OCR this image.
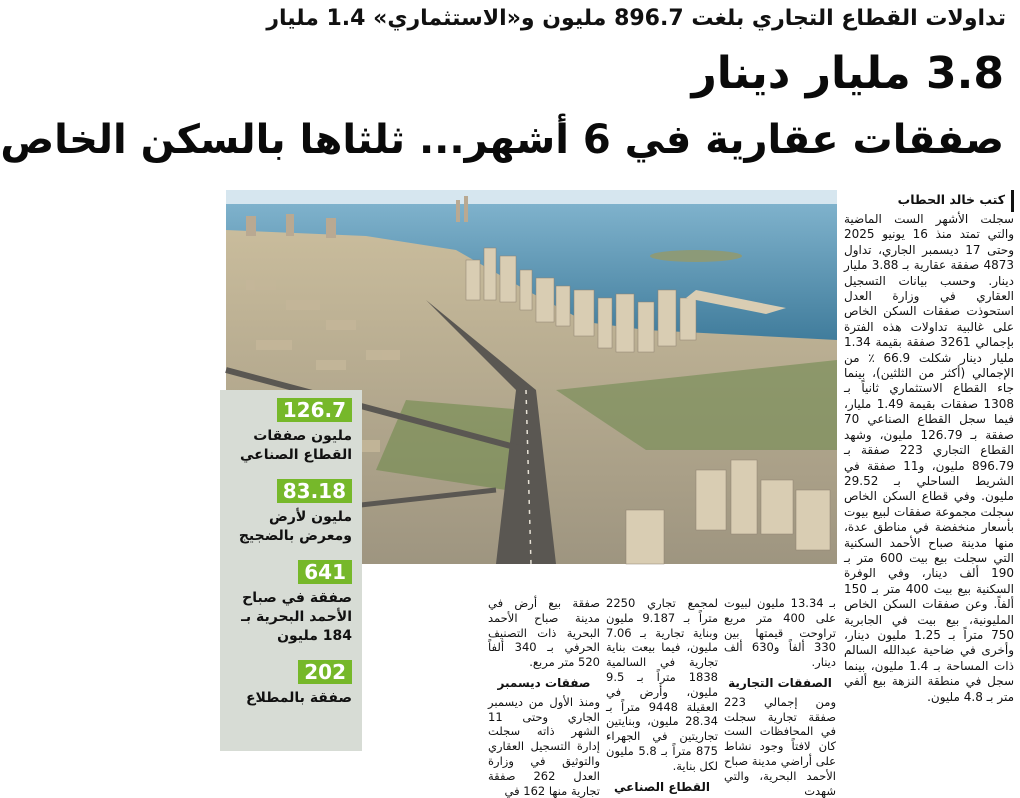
تداولات القطاع التجاري بلغت 896.7 مليون و«الاستثماري» 1.4 مليار
3.8 مليار دينار
صفقات عقارية في 6 أشهر... ثلثاها بالسكن الخاص
كتب خالد الحطاب
سجلت الأشهر الست الماضية والتي تمتد منذ 16 يونيو 2025 وحتى 17 ديسمبر الجاري، تداول 4873 صفقة عقارية بـ 3.88 مليار دينار. وحسب بيانات التسجيل العقاري في وزارة العدل استحوذت صفقات السكن الخاص على غالبية تداولات هذه الفترة بإجمالي 3261 صفقة بقيمة 1.34 مليار دينار شكلت 66.9 ٪ من الإجمالي (أكثر من الثلثين)، بينما جاء القطاع الاستثماري ثانياً بـ 1308 صفقات بقيمة 1.49 مليار، فيما سجل القطاع الصناعي 70 صفقة بـ 126.79 مليون، وشهد القطاع التجاري 223 صفقة بـ 896.79 مليون، و11 صفقة في الشريط الساحلي بـ 29.52 مليون. وفي قطاع السكن الخاص سجلت مجموعة صفقات لبيع بيوت بأسعار منخفضة في مناطق عدة، منها مدينة صباح الأحمد السكنية التي سجلت بيع بيت 600 متر بـ 190 ألف دينار، وفي الوفرة السكنية بيع بيت 400 متر بـ 150 ألفاً. وعن صفقات السكن الخاص المليونية، بيع بيت في الجابرية 750 متراً بـ 1.25 مليون دينار، وأخرى في ضاحية عبدالله السالم ذات المساحة بـ 1.4 مليون، بينما سجل في منطقة النزهة بيع ألفي متر بـ 4.8 مليون.
126.7
مليون صفقات القطاع الصناعي
83.18
مليون لأرض ومعرض بالضجيج
641
صفقة في صباح الأحمد البحرية بـ 184 مليون
202
صفقة بالمطلاع

بـ 13.34 مليون لبيوت على 400 متر مربع تراوحت قيمتها بين 330 ألفاً و630 ألف دينار.

الصفقات التجارية

ومن إجمالي 223 صفقة تجارية سجلت في المحافظات الست كان لافتاً وجود نشاط على أراضي مدينة صباح الأحمد البحرية، والتي شهدت

لمجمع تجاري 2250 متراً بـ 9.187 مليون وبناية تجارية بـ 7.06 مليون، فيما بيعت بناية تجارية في السالمية 1838 متراً بـ 9.5 مليون، وأرض في العقيلة 9448 متراً بـ 28.34 مليون، وبنايتين تجاريتين في الجهراء 875 متراً بـ 5.8 مليون لكل بناية.

القطاع الصناعي

صفقة بيع أرض في مدينة صباح الأحمد البحرية ذات التصنيف الحرفي بـ 340 ألفاً 520 متر مربع.

صفقات ديسمبر

ومنذ الأول من ديسمبر الجاري وحتى 11 الشهر ذاته سجلت إدارة التسجيل العقاري والتوثيق في وزارة العدل 262 صفقة تجارية منها 162 في
